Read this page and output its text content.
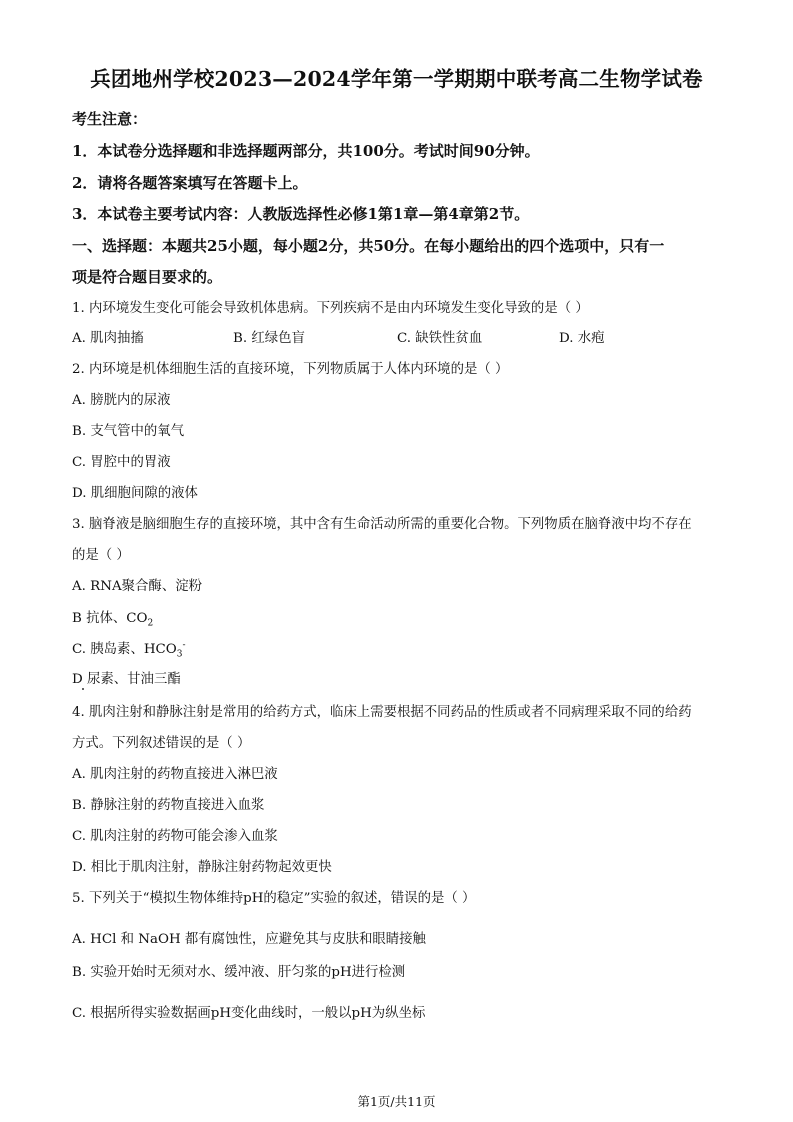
兵团地州学校2023—2024学年第一学期期中联考高二生物学试卷
考生注意：
1．本试卷分选择题和非选择题两部分，共100分。考试时间90分钟。
2．请将各题答案填写在答题卡上。
3．本试卷主要考试内容：人教版选择性必修1第1章—第4章第2节。
一、选择题：本题共25小题，每小题2分，共50分。在每小题给出的四个选项中，只有一
项是符合题目要求的。
1. 内环境发生变化可能会导致机体患病。下列疾病不是由内环境发生变化导致的是（ ）
A. 肌肉抽搐	B. 红绿色盲	C. 缺铁性贫血	D. 水疱
2. 内环境是机体细胞生活的直接环境，下列物质属于人体内环境的是（ ）
A. 膀胱内的尿液
B. 支气管中的氧气
C. 胃腔中的胃液
D. 肌细胞间隙的液体
3. 脑脊液是脑细胞生存的直接环境，其中含有生命活动所需的重要化合物。下列物质在脑脊液中均不存在
的是（ ）
A. RNA聚合酶、淀粉
B 抗体、$CO_2$
C. 胰岛素、$HCO_3^-$
D 尿素、甘油三酯
4. 肌肉注射和静脉注射是常用的给药方式，临床上需要根据不同药品的性质或者不同病理采取不同的给药
方式。下列叙述错误的是（ ）
A. 肌肉注射的药物直接进入淋巴液
B. 静脉注射的药物直接进入血浆
C. 肌肉注射的药物可能会渗入血浆
D. 相比于肌肉注射，静脉注射药物起效更快
5. 下列关于“模拟生物体维持pH的稳定”实验的叙述，错误的是（ ）
A. HCl 和 NaOH 都有腐蚀性，应避免其与皮肤和眼睛接触
B. 实验开始时无须对水、缓冲液、肝匀浆的pH进行检测
C. 根据所得实验数据画pH变化曲线时，一般以pH为纵坐标
第1页/共11页
